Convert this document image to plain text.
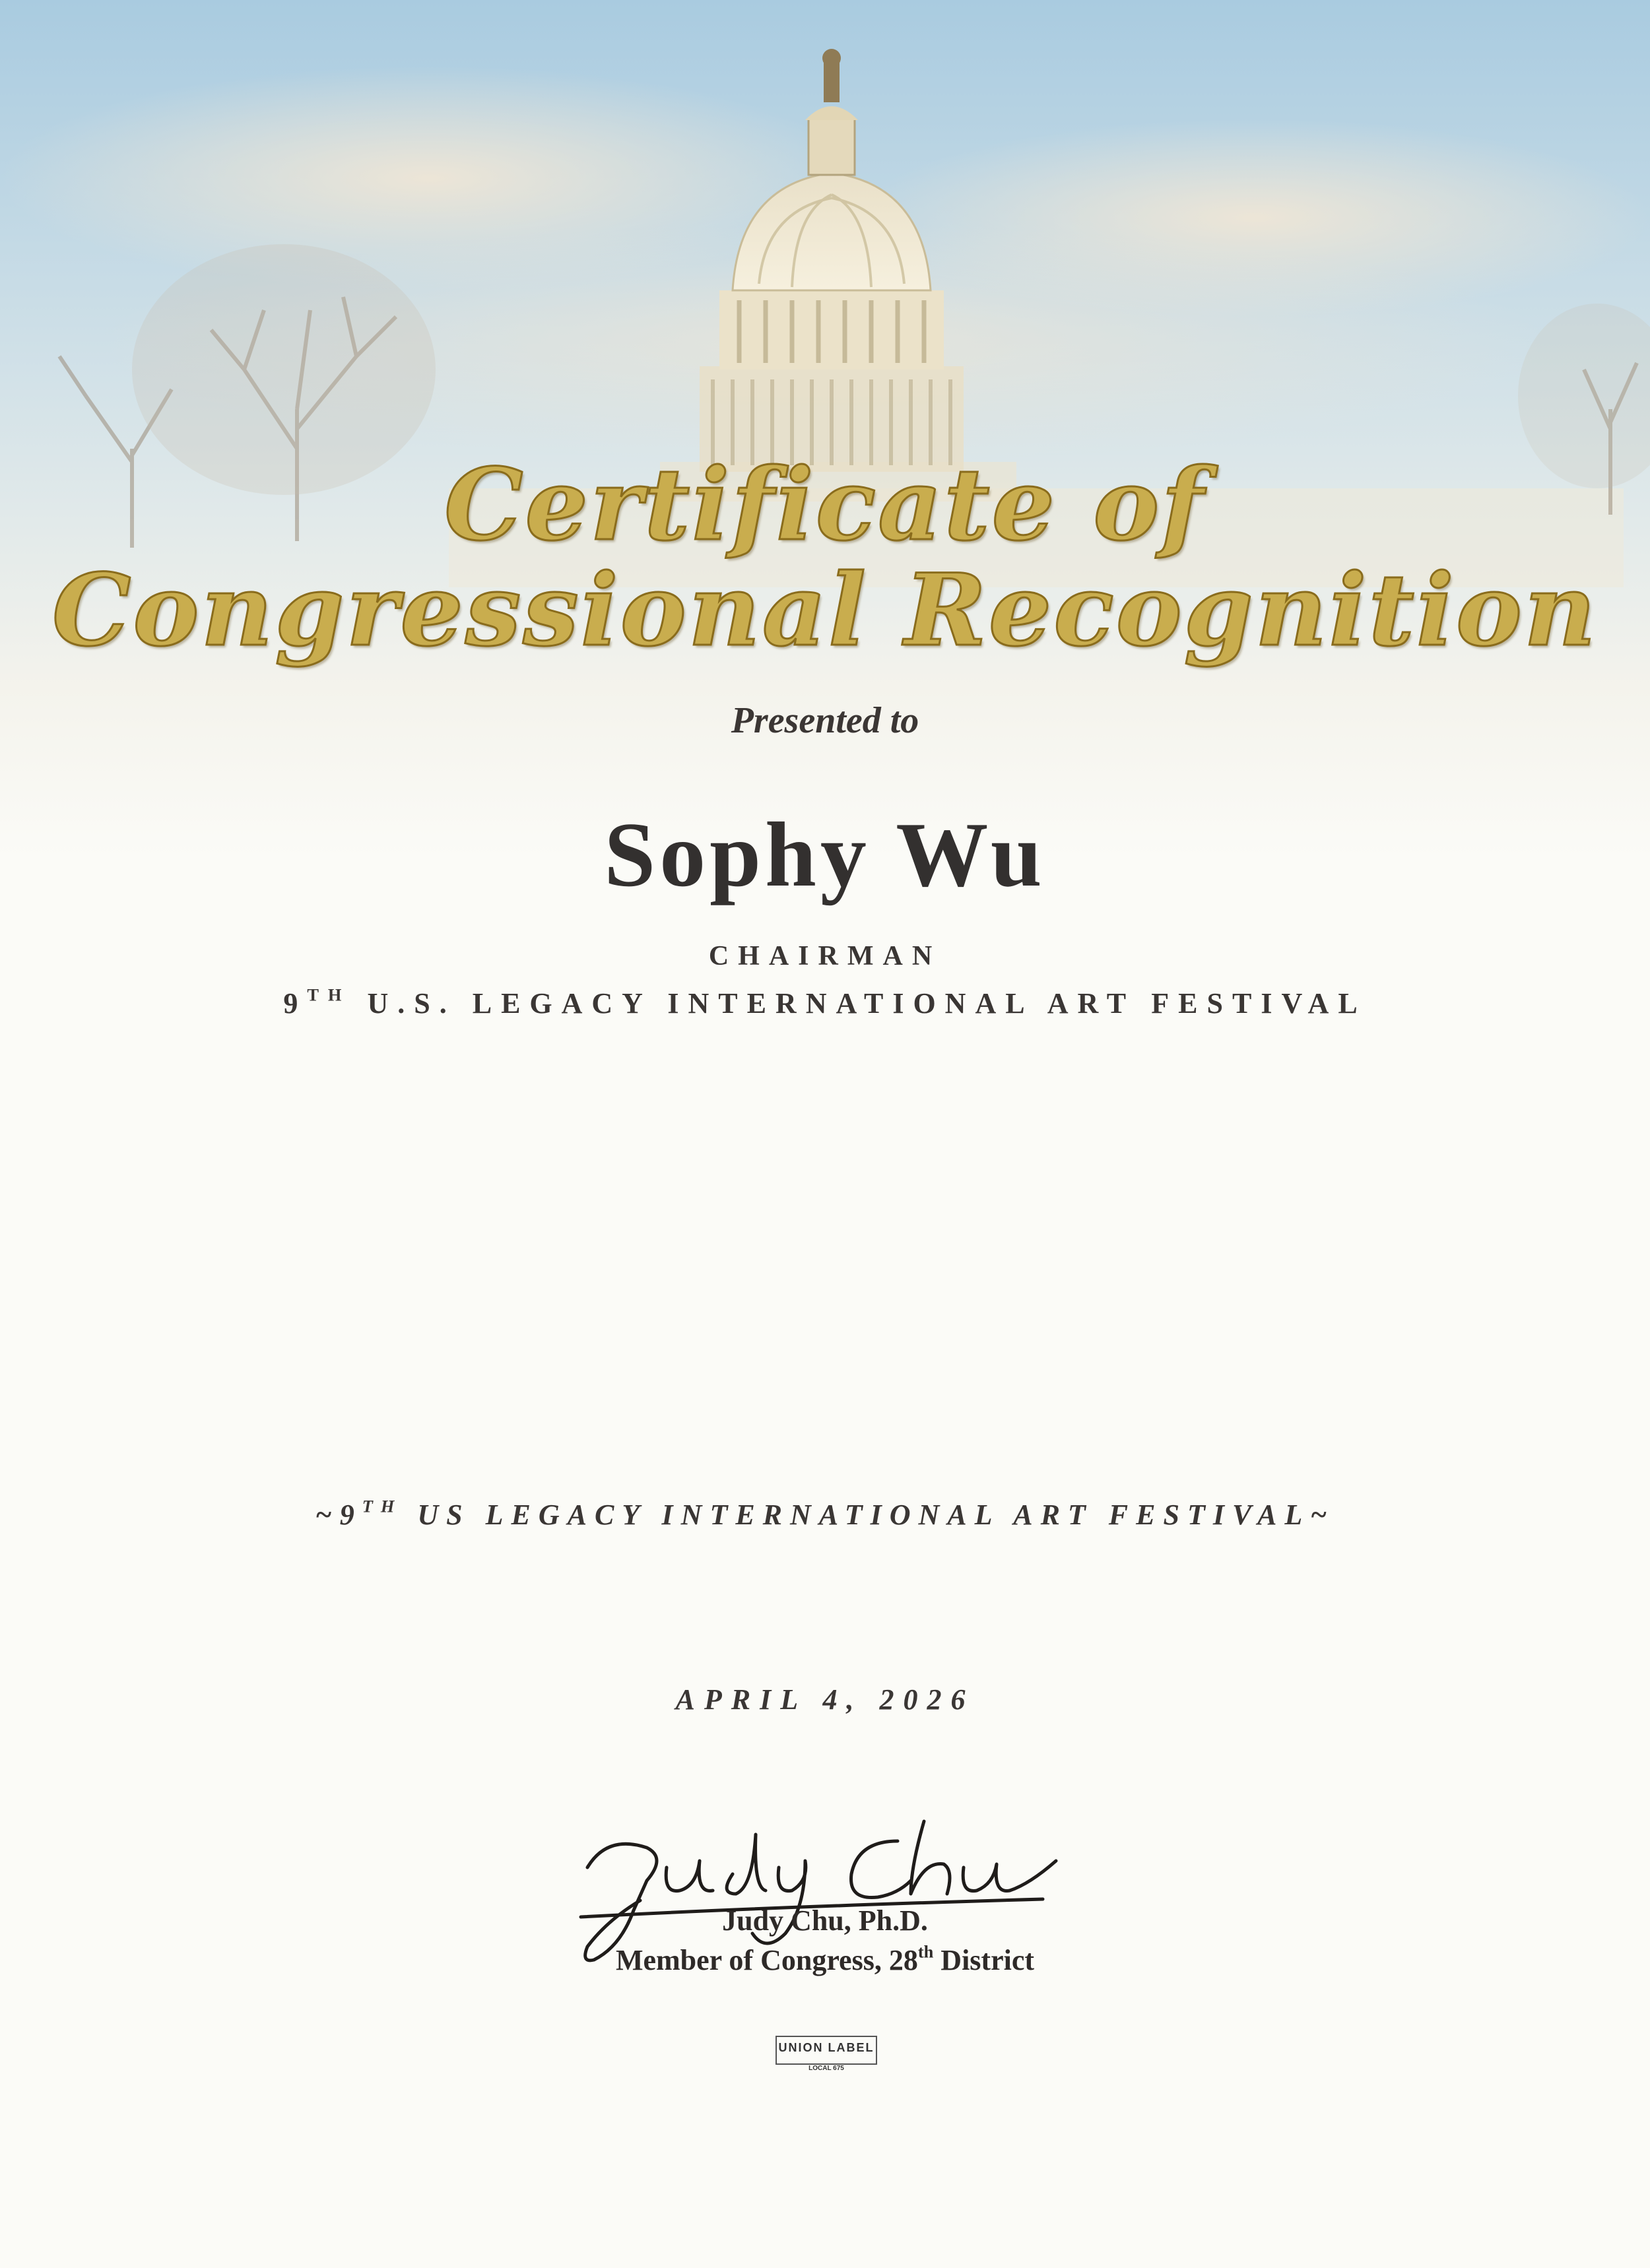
Certificate of
Congressional Recognition
Presented to
Sophy Wu
CHAIRMAN
9TH U.S. LEGACY INTERNATIONAL ART FESTIVAL
~9TH US LEGACY INTERNATIONAL ART FESTIVAL~
APRIL 4, 2026
Judy Chu, Ph.D.
Member of Congress, 28th District
UNION LABEL
LOCAL 675
